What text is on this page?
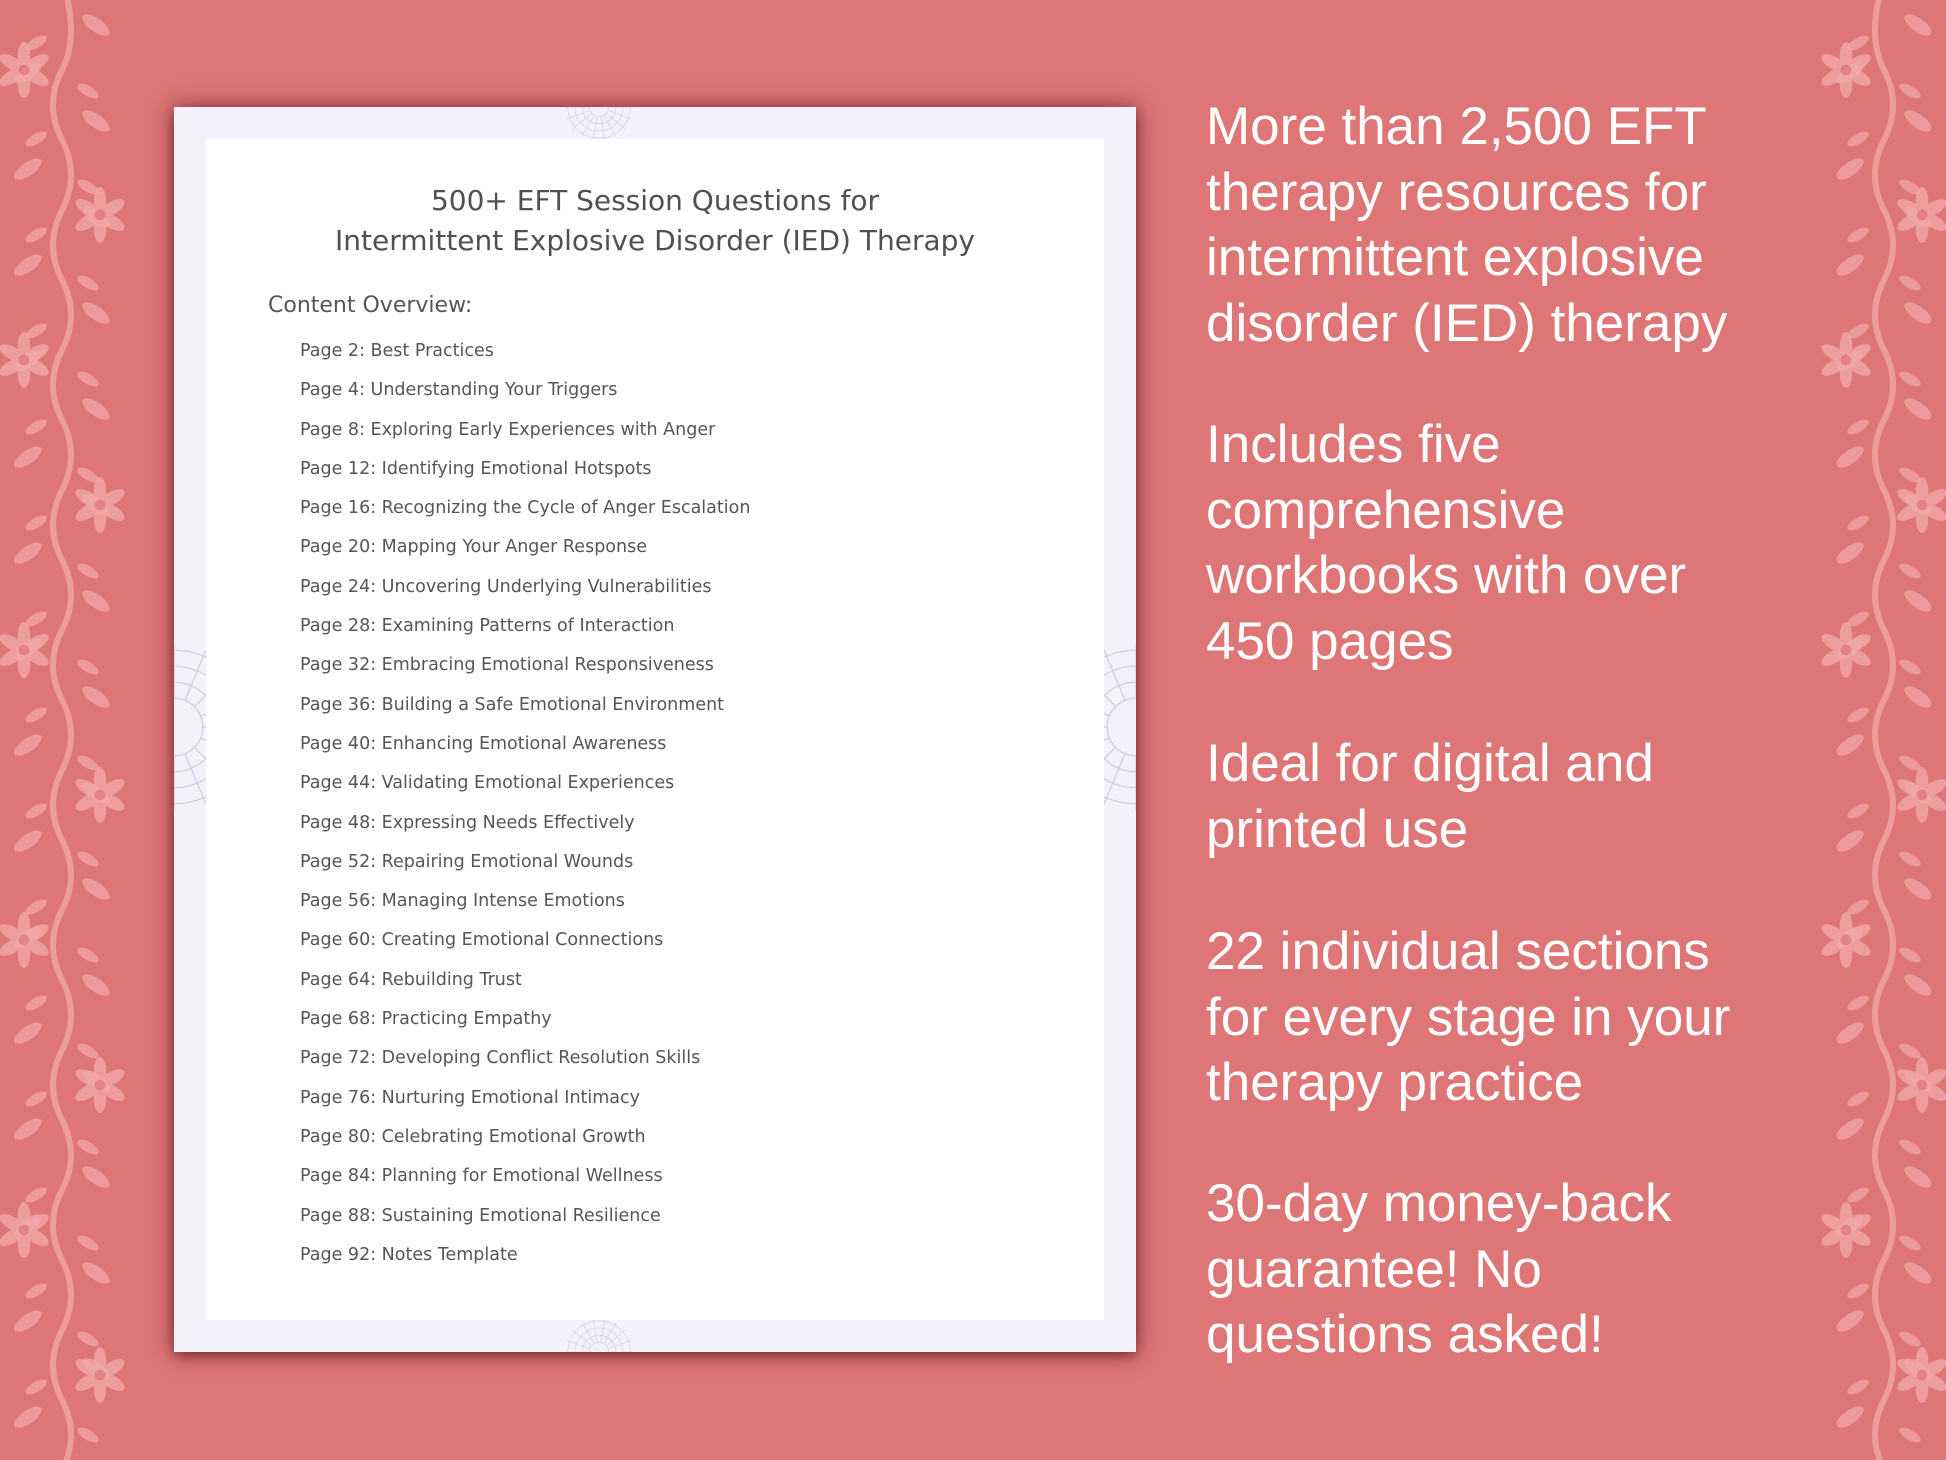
500+ EFT Session Questions for
Intermittent Explosive Disorder (IED) Therapy
Content Overview:
Page 2: Best Practices
Page 4: Understanding Your Triggers
Page 8: Exploring Early Experiences with Anger
Page 12: Identifying Emotional Hotspots
Page 16: Recognizing the Cycle of Anger Escalation
Page 20: Mapping Your Anger Response
Page 24: Uncovering Underlying Vulnerabilities
Page 28: Examining Patterns of Interaction
Page 32: Embracing Emotional Responsiveness
Page 36: Building a Safe Emotional Environment
Page 40: Enhancing Emotional Awareness
Page 44: Validating Emotional Experiences
Page 48: Expressing Needs Effectively
Page 52: Repairing Emotional Wounds
Page 56: Managing Intense Emotions
Page 60: Creating Emotional Connections
Page 64: Rebuilding Trust
Page 68: Practicing Empathy
Page 72: Developing Conflict Resolution Skills
Page 76: Nurturing Emotional Intimacy
Page 80: Celebrating Emotional Growth
Page 84: Planning for Emotional Wellness
Page 88: Sustaining Emotional Resilience
Page 92: Notes Template

More than 2,500 EFT
therapy resources for
intermittent explosive
disorder (IED) therapy

Includes five
comprehensive
workbooks with over
450 pages

Ideal for digital and
printed use

22 individual sections
for every stage in your
therapy practice

30-day money-back
guarantee! No
questions asked!
